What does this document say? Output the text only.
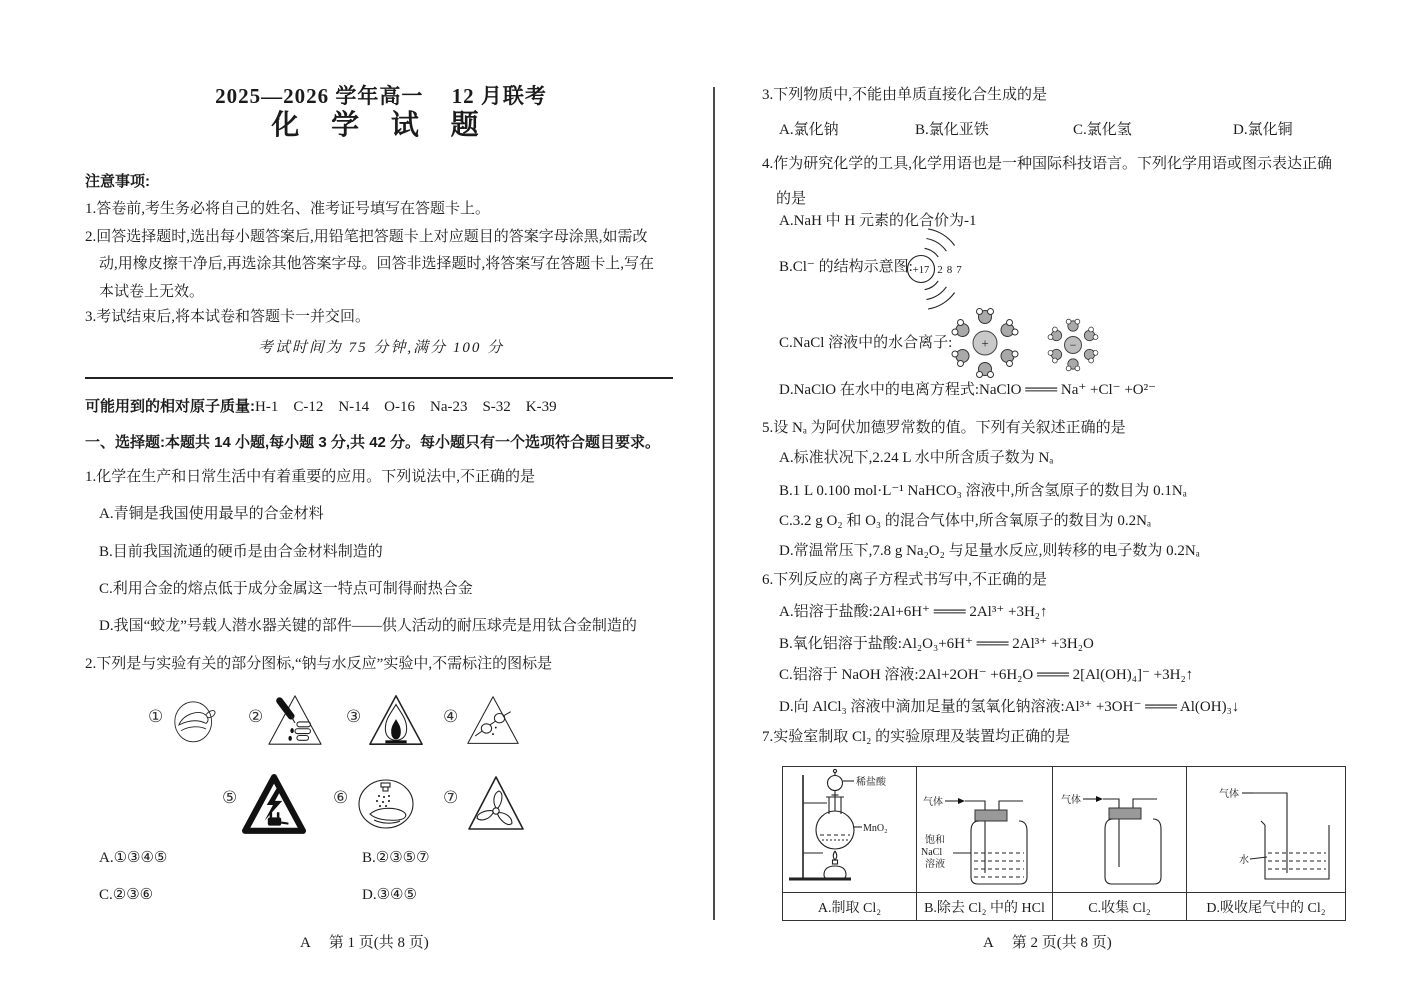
2025—2026 学年高一　 12 月联考
化 学 试 题
注意事项:
1.答卷前,考生务必将自己的姓名、准考证号填写在答题卡上。
2.回答选择题时,选出每小题答案后,用铅笔把答题卡上对应题目的答案字母涂黑,如需改
动,用橡皮擦干净后,再选涂其他答案字母。回答非选择题时,将答案写在答题卡上,写在
本试卷上无效。
3.考试结束后,将本试卷和答题卡一并交回。
考试时间为 75 分钟,满分 100 分
可能用到的相对原子质量:H-1　C-12　N-14　O-16　Na-23　S-32　K-39
一、选择题:本题共 14 小题,每小题 3 分,共 42 分。每小题只有一个选项符合题目要求。
1.化学在生产和日常生活中有着重要的应用。下列说法中,不正确的是
A.青铜是我国使用最早的合金材料
B.目前我国流通的硬币是由合金材料制造的
C.利用合金的熔点低于成分金属这一特点可制得耐热合金
D.我国“蛟龙”号载人潜水器关键的部件——供人活动的耐压球壳是用钛合金制造的
2.下列是与实验有关的部分图标,“钠与水反应”实验中,不需标注的图标是
①	②	③	④
⑤	⑥	⑦
A.①③④⑤	B.②③⑤⑦
C.②③⑥	D.③④⑤
A　 第 1 页(共 8 页)
3.下列物质中,不能由单质直接化合生成的是
A.氯化钠	B.氯化亚铁	C.氯化氢	D.氯化铜
4.作为研究化学的工具,化学用语也是一种国际科技语言。下列化学用语或图示表达正确
的是
A.NaH 中 H 元素的化合价为-1
B.Cl⁻ 的结构示意图: +17 2 8 7
C.NaCl 溶液中的水合离子: +	−
D.NaClO 在水中的电离方程式:NaClO ═══ Na⁺ +Cl⁻ +O²⁻
5.设 Nₐ 为阿伏加德罗常数的值。下列有关叙述正确的是
A.标准状况下,2.24 L 水中所含质子数为 Nₐ
B.1 L 0.100 mol·L⁻¹ NaHCO₃ 溶液中,所含氢原子的数目为 0.1Nₐ
C.3.2 g O₂ 和 O₃ 的混合气体中,所含氧原子的数目为 0.2Nₐ
D.常温常压下,7.8 g Na₂O₂ 与足量水反应,则转移的电子数为 0.2Nₐ
6.下列反应的离子方程式书写中,不正确的是
A.铝溶于盐酸:2Al+6H⁺ ═══ 2Al³⁺ +3H₂↑
B.氧化铝溶于盐酸:Al₂O₃+6H⁺ ═══ 2Al³⁺ +3H₂O
C.铝溶于 NaOH 溶液:2Al+2OH⁻ +6H₂O ═══ 2[Al(OH)₄]⁻ +3H₂↑
D.向 AlCl₃ 溶液中滴加足量的氢氧化钠溶液:Al³⁺ +3OH⁻ ═══ Al(OH)₃↓
7.实验室制取 Cl₂ 的实验原理及装置均正确的是
稀盐酸
MnO₂
气体
饱和
NaCl
溶液
气体
气体
水
A.制取 Cl₂	B.除去 Cl₂ 中的 HCl	C.收集 Cl₂	D.吸收尾气中的 Cl₂
A　 第 2 页(共 8 页)
